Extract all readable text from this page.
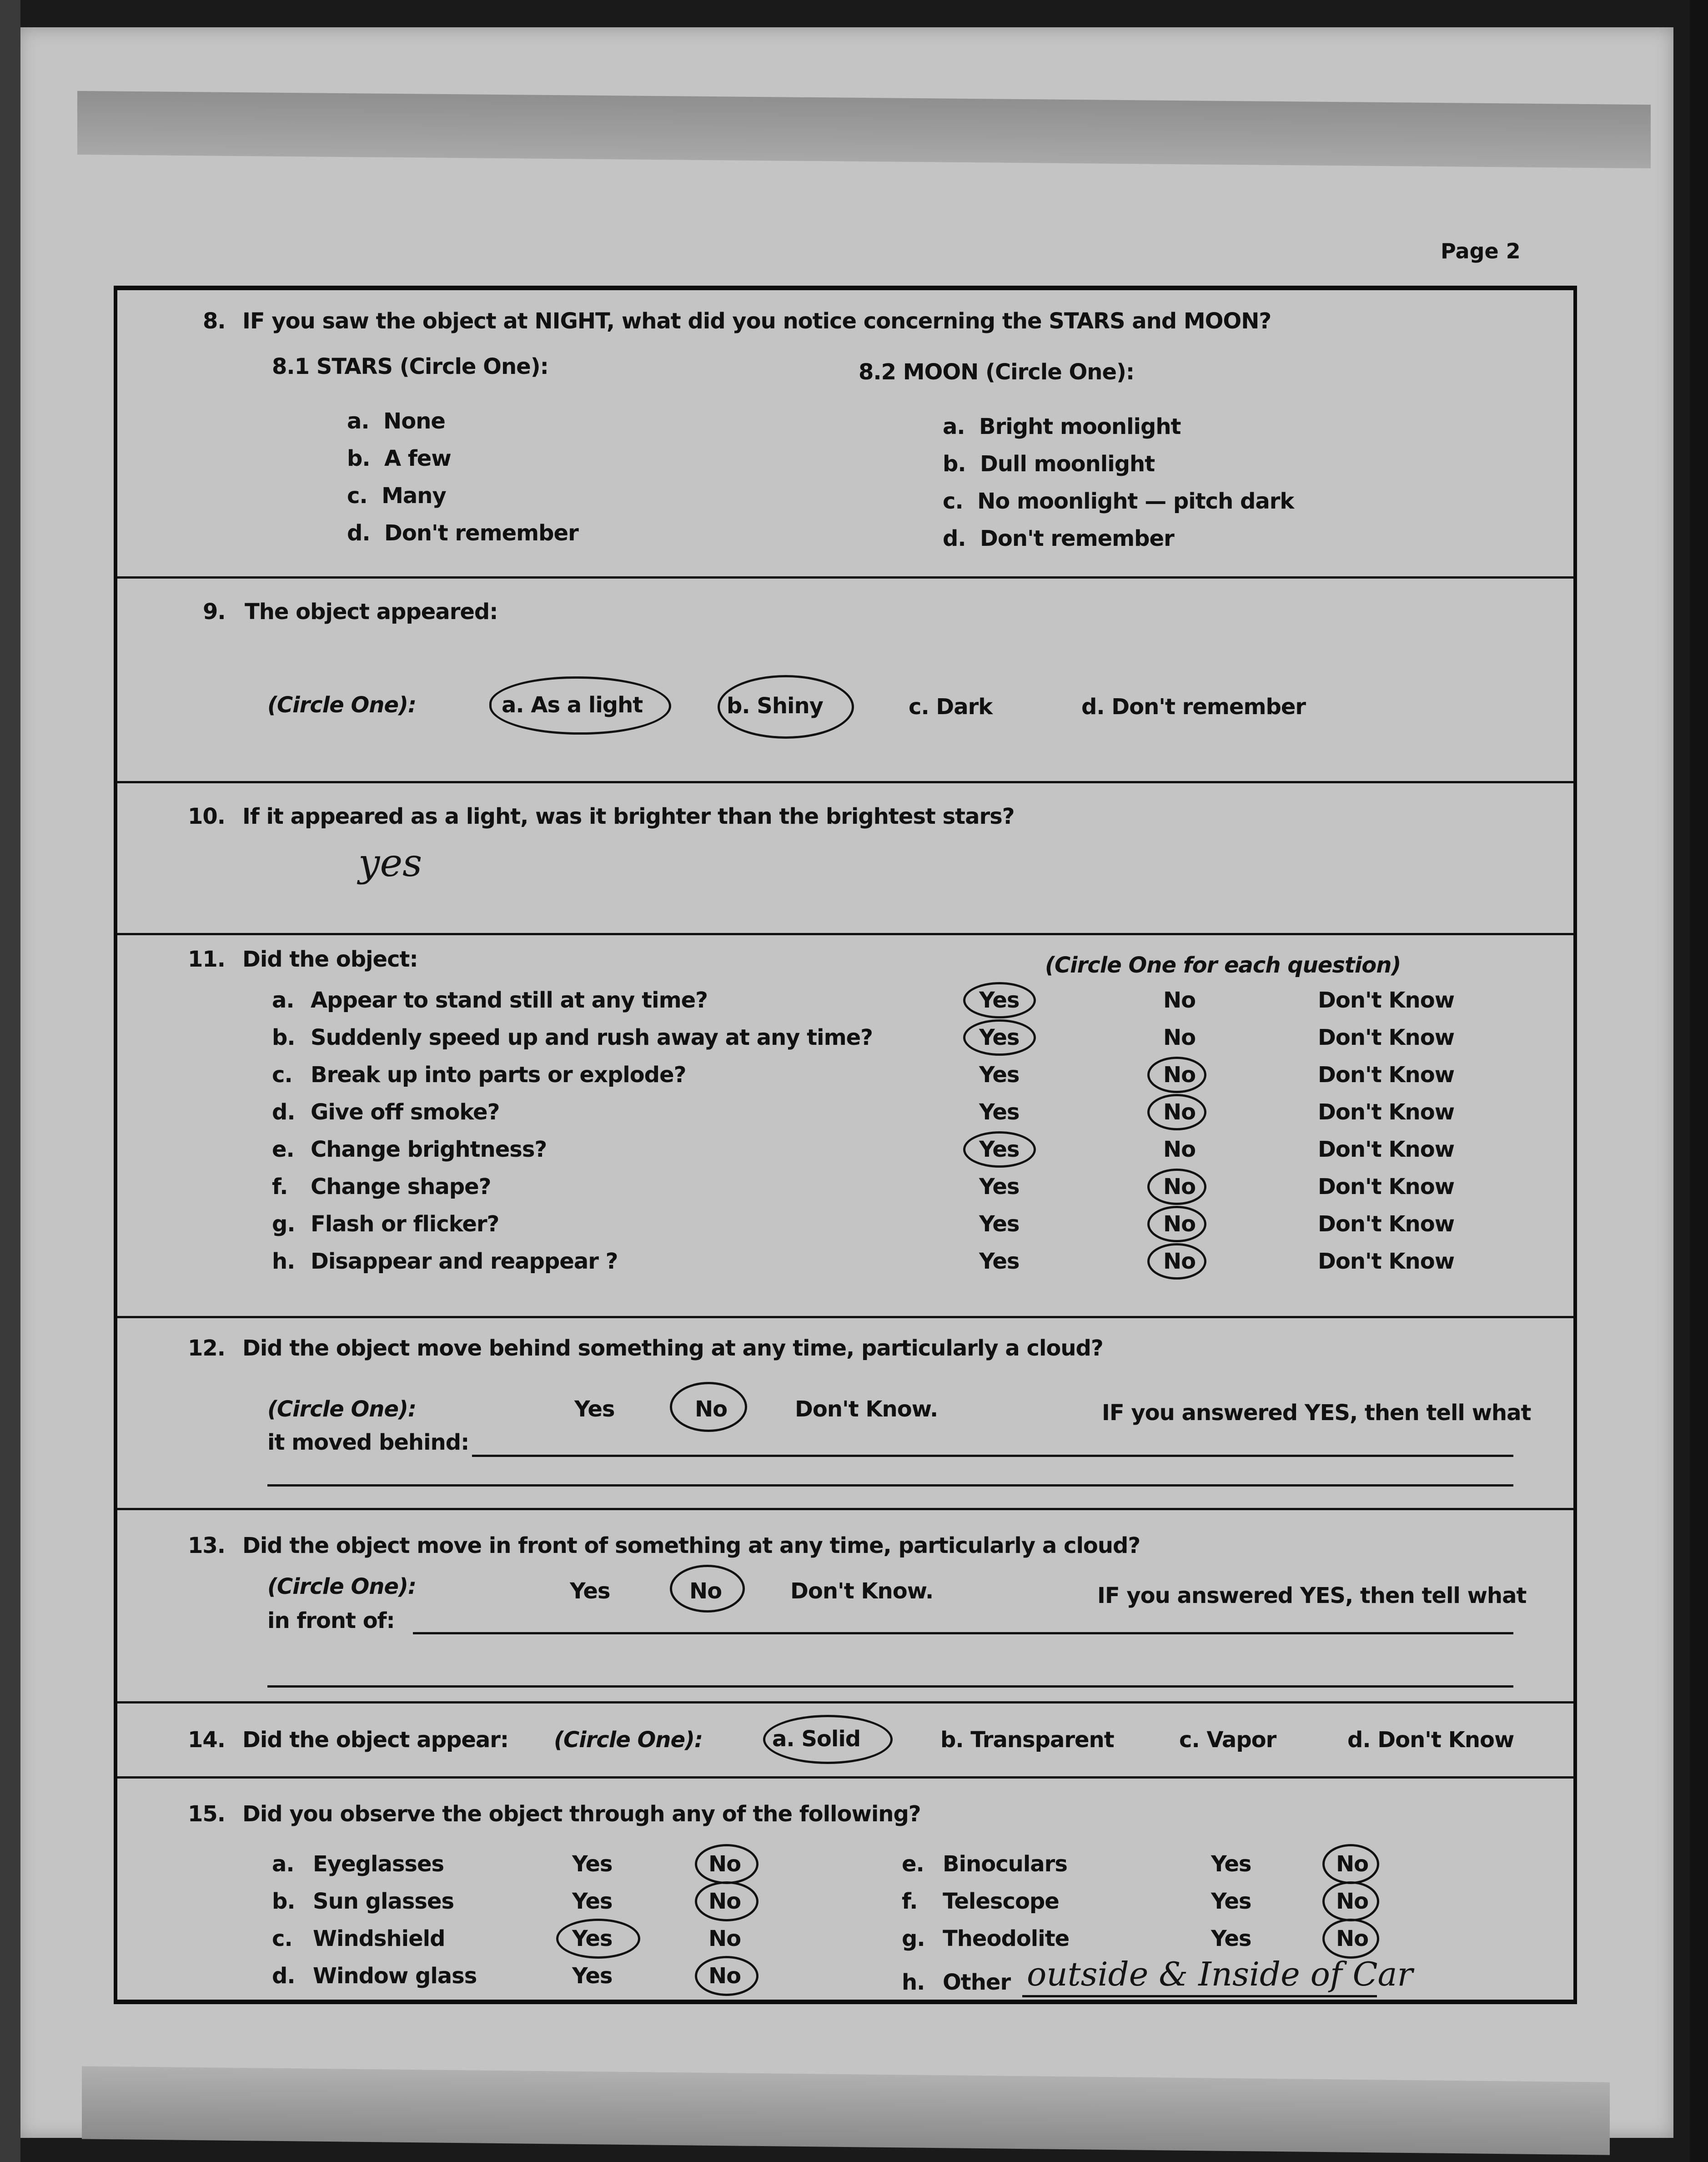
Page 2
8. IF you saw the object at NIGHT, what did you notice concerning the STARS and MOON?
8.1 STARS (Circle One):
a. None
b. A few
c. Many
d. Don't remember
8.2 MOON (Circle One):
a. Bright moonlight
b. Dull moonlight
c. No moonlight — pitch dark
d. Don't remember
9. The object appeared:
(Circle One):	a. As a light	b. Shiny	c. Dark	d. Don't remember
10. If it appeared as a light, was it brighter than the brightest stars?
yes
11. Did the object:	(Circle One for each question)
a. Appear to stand still at any time?	Yes	No	Don't Know
b. Suddenly speed up and rush away at any time?	Yes	No	Don't Know
c. Break up into parts or explode?	Yes	No	Don't Know
d. Give off smoke?	Yes	No	Don't Know
e. Change brightness?	Yes	No	Don't Know
f. Change shape?	Yes	No	Don't Know
g. Flash or flicker?	Yes	No	Don't Know
h. Disappear and reappear ?	Yes	No	Don't Know
12. Did the object move behind something at any time, particularly a cloud?
(Circle One):	Yes	No	Don't Know.	IF you answered YES, then tell what
it moved behind:
13. Did the object move in front of something at any time, particularly a cloud?
(Circle One):	Yes	No	Don't Know.	IF you answered YES, then tell what
in front of:
14. Did the object appear: (Circle One):	a. Solid	b. Transparent	c. Vapor	d. Don't Know
15. Did you observe the object through any of the following?
a. Eyeglasses	Yes	No
b. Sun glasses	Yes	No
c. Windshield	Yes	No
d. Window glass	Yes	No
e. Binoculars	Yes	No
f. Telescope	Yes	No
g. Theodolite	Yes	No
h. Other outside & Inside of Car
